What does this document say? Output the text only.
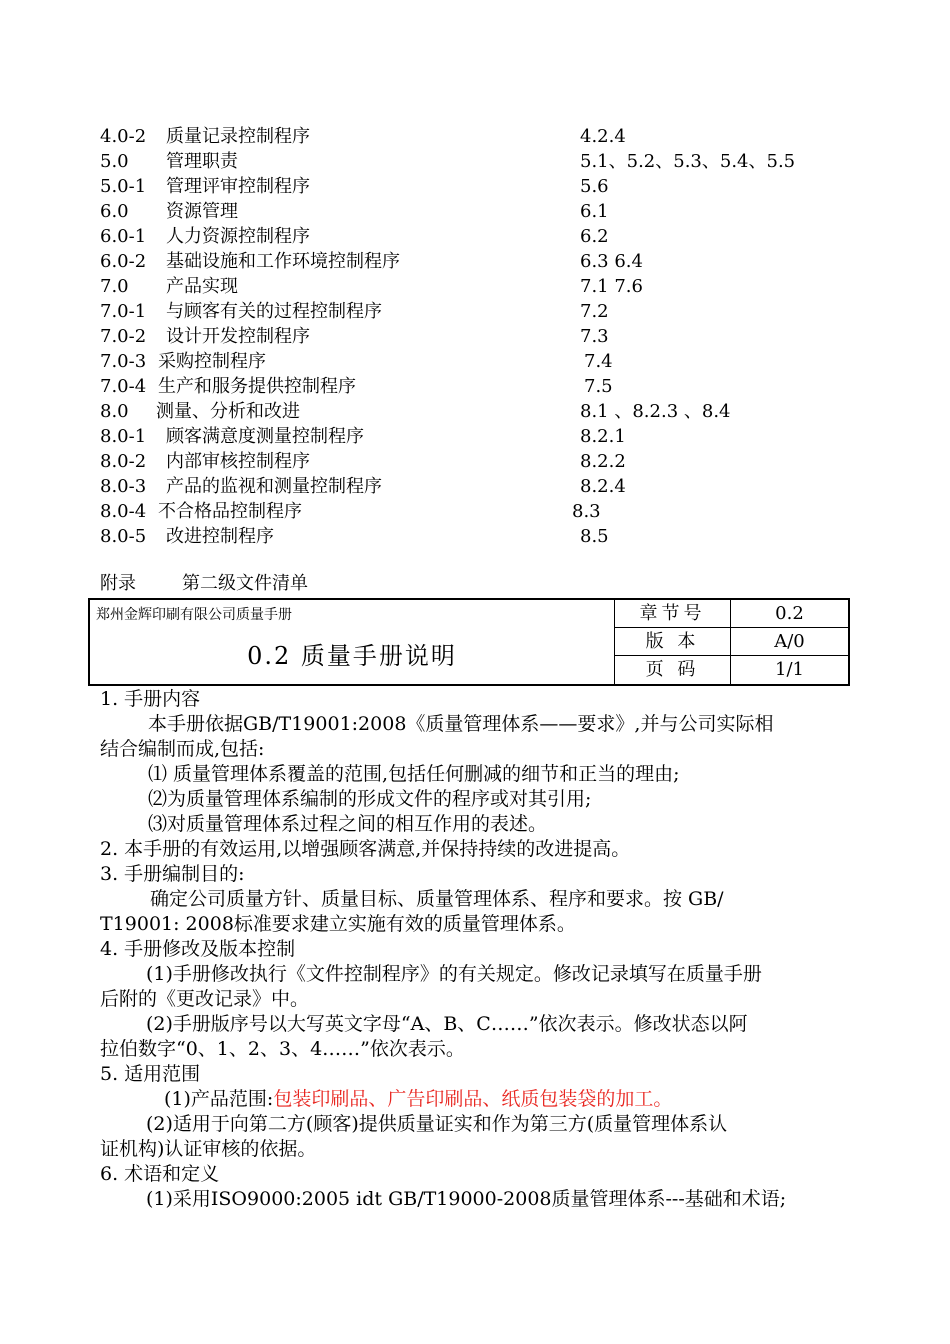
4.0-2 质量记录控制程序	4.2.4
5.0 管理职责	5.1、5.2、5.3、5.4、5.5
5.0-1 管理评审控制程序	5.6
6.0 资源管理	6.1
6.0-1 人力资源控制程序	6.2
6.0-2 基础设施和工作环境控制程序	6.3 6.4
7.0 产品实现	7.1 7.6
7.0-1 与顾客有关的过程控制程序	7.2
7.0-2 设计开发控制程序	7.3
7.0-3 采购控制程序	7.4
7.0-4 生产和服务提供控制程序	7.5
8.0 测量、分析和改进	8.1 、8.2.3 、8.4
8.0-1 顾客满意度测量控制程序	8.2.1
8.0-2 内部审核控制程序	8.2.2
8.0-3 产品的监视和测量控制程序	8.2.4
8.0-4 不合格品控制程序	8.3
8.0-5 改进控制程序	8.5
附录	第二级文件清单
郑州金辉印刷有限公司质量手册
0.2 质量手册说明
章节号	0.2
版 本	A/0
页 码	1/1
1. 手册内容
本手册依据GB/T19001:2008《质量管理体系——要求》,并与公司实际相
结合编制而成,包括:
⑴ 质量管理体系覆盖的范围,包括任何删减的细节和正当的理由;
⑵为质量管理体系编制的形成文件的程序或对其引用;
⑶对质量管理体系过程之间的相互作用的表述。
2. 本手册的有效运用,以增强顾客满意,并保持持续的改进提高。
3. 手册编制目的:
确定公司质量方针、质量目标、质量管理体系、程序和要求。按 GB/
T19001: 2008标准要求建立实施有效的质量管理体系。
4. 手册修改及版本控制
(1)手册修改执行《文件控制程序》的有关规定。修改记录填写在质量手册
后附的《更改记录》中。
(2)手册版序号以大写英文字母“A、B、C……”依次表示。修改状态以阿
拉伯数字“0、1、2、3、4……”依次表示。
5. 适用范围
(1)产品范围:包装印刷品、广告印刷品、纸质包装袋的加工。
(2)适用于向第二方(顾客)提供质量证实和作为第三方(质量管理体系认
证机构)认证审核的依据。
6. 术语和定义
(1)采用ISO9000:2005 idt GB/T19000-2008质量管理体系---基础和术语;
